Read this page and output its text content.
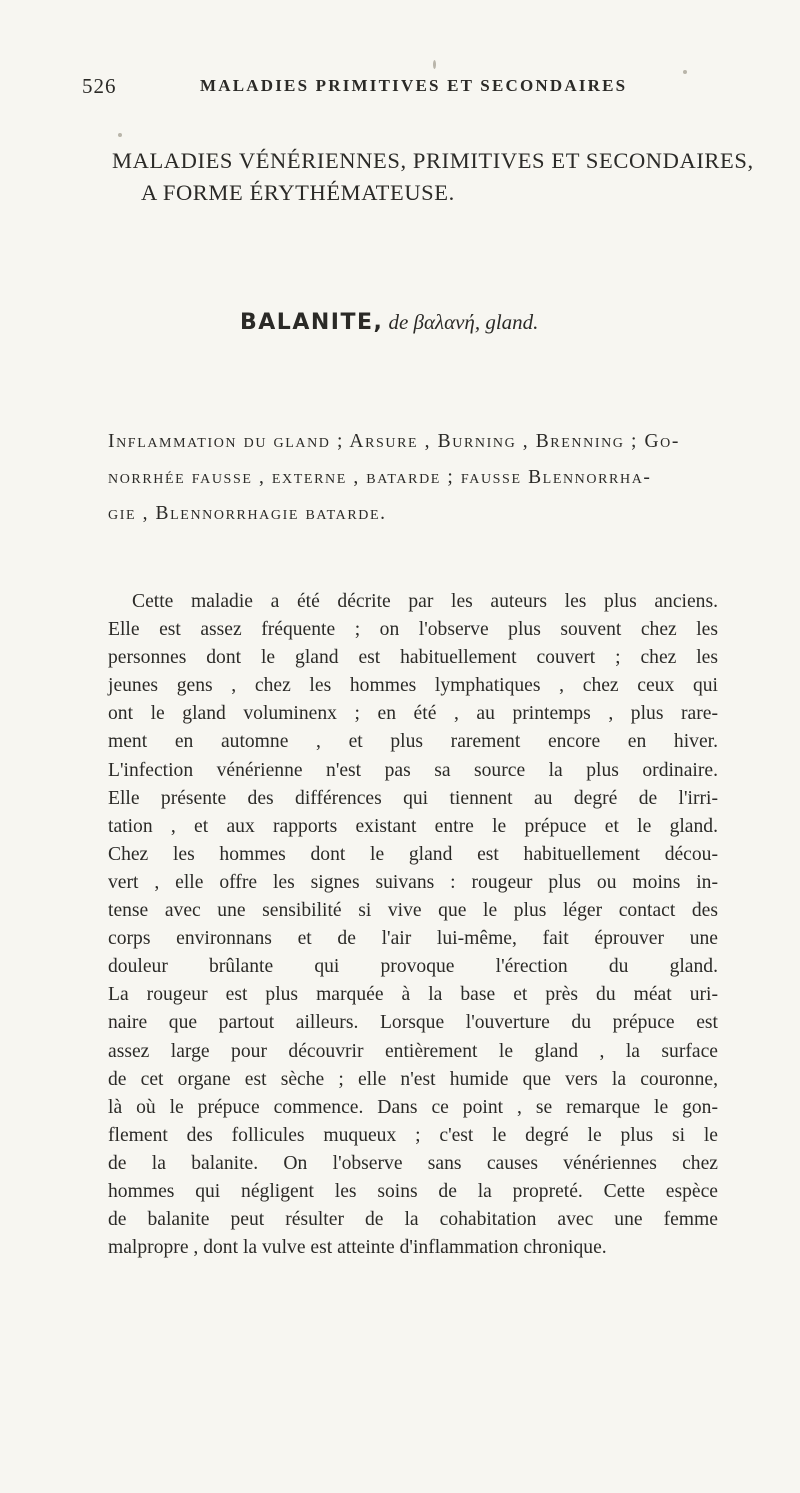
526	MALADIES PRIMITIVES ET SECONDAIRES
MALADIES VÉNÉRIENNES, PRIMITIVES ET SECONDAIRES,
A FORME ÉRYTHÉMATEUSE.
BALANITE, de βαλανή, gland.
Inflammation du gland ; Arsure , Burning , Brenning ; Go-
norrhée fausse , externe , batarde ; fausse Blennorrha-
gie , Blennorrhagie batarde.
Cette maladie a été décrite par les auteurs les plus anciens.
Elle est assez fréquente ; on l'observe plus souvent chez les
personnes dont le gland est habituellement couvert ; chez les
jeunes gens , chez les hommes lymphatiques , chez ceux qui
ont le gland voluminenx ; en été , au printemps , plus rare-
ment en automne , et plus rarement encore en hiver.
L'infection vénérienne n'est pas sa source la plus ordinaire.
Elle présente des différences qui tiennent au degré de l'irri-
tation , et aux rapports existant entre le prépuce et le gland.
Chez les hommes dont le gland est habituellement décou-
vert , elle offre les signes suivans : rougeur plus ou moins in-
tense avec une sensibilité si vive que le plus léger contact des
corps environnans et de l'air lui-même, fait éprouver une
douleur brûlante qui provoque l'érection du gland.
La rougeur est plus marquée à la base et près du méat uri-
naire que partout ailleurs. Lorsque l'ouverture du prépuce est
assez large pour découvrir entièrement le gland , la surface
de cet organe est sèche ; elle n'est humide que vers la couronne,
là où le prépuce commence. Dans ce point , se remarque le gon-
flement des follicules muqueux ; c'est le degré le plus si le
de la balanite. On l'observe sans causes vénériennes chez
hommes qui négligent les soins de la propreté. Cette espèce
de balanite peut résulter de la cohabitation avec une femme
malpropre , dont la vulve est atteinte d'inflammation chronique.
